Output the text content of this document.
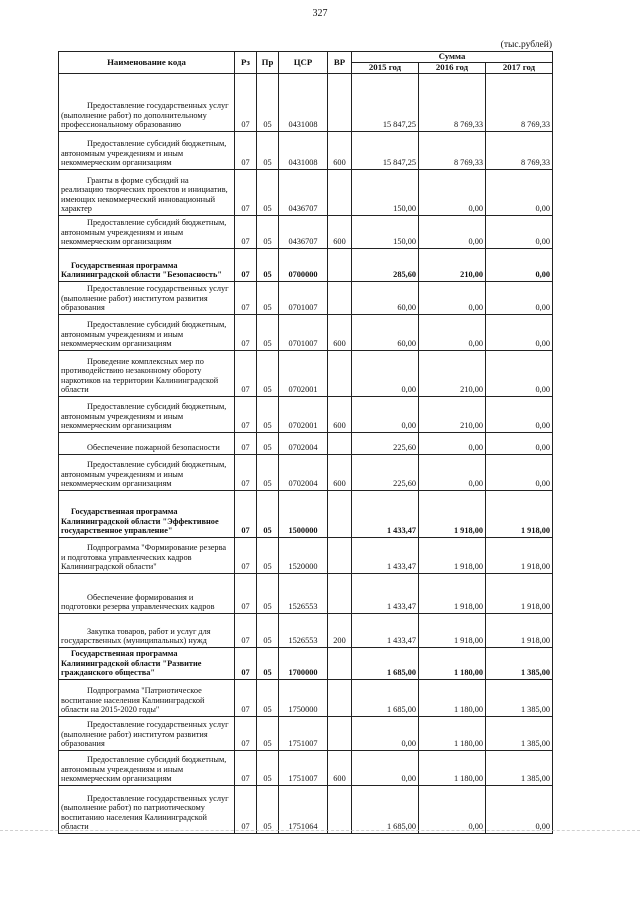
327
(тыс.рублей)
Наименование кода	Рз	Пр	ЦСР	ВР	Сумма		
					2015 год	2016 год	2017 год

Предоставление государственных услуг (выполнение работ) по дополнительному профессиональному образованию	07	05	0431008		15 847,25	8 769,33	8 769,33

Предоставление субсидий бюджетным, автономным учреждениям и иным некоммерческим организациям	07	05	0431008	600	15 847,25	8 769,33	8 769,33

Гранты в форме субсидий на реализацию творческих проектов и инициатив, имеющих некоммерческий инновационный характер	07	05	0436707		150,00	0,00	0,00

Предоставление субсидий бюджетным, автономным учреждениям и иным некоммерческим организациям	07	05	0436707	600	150,00	0,00	0,00

Государственная программа Калининградской области "Безопасность"	07	05	0700000		285,60	210,00	0,00

Предоставление государственных услуг (выполнение работ) институтом развития образования	07	05	0701007		60,00	0,00	0,00

Предоставление субсидий бюджетным, автономным учреждениям и иным некоммерческим организациям	07	05	0701007	600	60,00	0,00	0,00

Проведение комплексных мер по противодействию незаконному обороту наркотиков на территории Калининградской области	07	05	0702001		0,00	210,00	0,00

Предоставление субсидий бюджетным, автономным учреждениям и иным некоммерческим организациям	07	05	0702001	600	0,00	210,00	0,00

Обеспечение пожарной безопасности	07	05	0702004		225,60	0,00	0,00

Предоставление субсидий бюджетным, автономным учреждениям и иным некоммерческим организациям	07	05	0702004	600	225,60	0,00	0,00

Государственная программа Калининградской области "Эффективное государственное управление"	07	05	1500000		1 433,47	1 918,00	1 918,00

Подпрограмма "Формирование резерва и подготовка управленческих кадров Калининградской области"	07	05	1520000		1 433,47	1 918,00	1 918,00

Обеспечение формирования и подготовки резерва управленческих кадров	07	05	1526553		1 433,47	1 918,00	1 918,00

Закупка товаров, работ и услуг для государственных (муниципальных) нужд	07	05	1526553	200	1 433,47	1 918,00	1 918,00

Государственная программа Калининградской области "Развитие гражданского общества"	07	05	1700000		1 685,00	1 180,00	1 385,00

Подпрограмма "Патриотическое воспитание населения Калининградской области на 2015-2020 годы"	07	05	1750000		1 685,00	1 180,00	1 385,00

Предоставление государственных услуг (выполнение работ) институтом развития образования	07	05	1751007		0,00	1 180,00	1 385,00

Предоставление субсидий бюджетным, автономным учреждениям и иным некоммерческим организациям	07	05	1751007	600	0,00	1 180,00	1 385,00

Предоставление государственных услуг (выполнение работ) по патриотическому воспитанию населения Калининградской области	07	05	1751064		1 685,00	0,00	0,00
